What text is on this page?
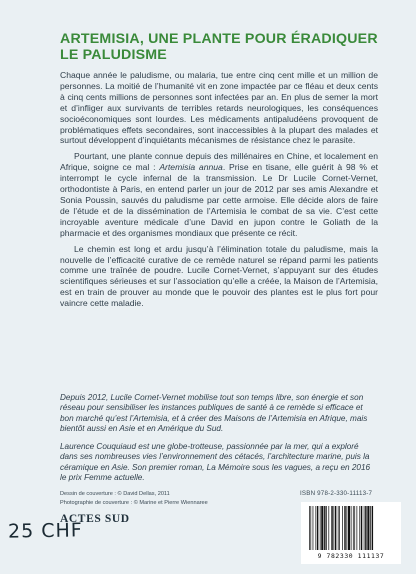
ARTEMISIA, UNE PLANTE POUR ÉRADIQUER
LE PALUDISME

Chaque année le paludisme, ou malaria, tue entre cinq cent mille et un million de personnes. La moitié de l’humanité vit en zone impactée par ce fléau et deux cents à cinq cents millions de personnes sont infectées par an. En plus de semer la mort et d’infliger aux survivants de terribles retards neurologiques, les conséquences socioéconomiques sont lourdes. Les médicaments antipaludéens provoquent de problématiques effets secondaires, sont inaccessibles à la plupart des malades et surtout développent d’inquiétants mécanismes de résistance chez le parasite.

Pourtant, une plante connue depuis des millénaires en Chine, et localement en Afrique, soigne ce mal : Artemisia annua. Prise en tisane, elle guérit à 98 % et interrompt le cycle infernal de la transmission. Le Dr Lucile Cornet-Vernet, orthodontiste à Paris, en entend parler un jour de 2012 par ses amis Alexandre et Sonia Poussin, sauvés du paludisme par cette armoise. Elle décide alors de faire de l’étude et de la dissémination de l’Artemisia le combat de sa vie. C’est cette incroyable aventure médicale d’une David en jupon contre le Goliath de la pharmacie et des organismes mondiaux que présente ce récit.

Le chemin est long et ardu jusqu’à l’élimination totale du paludisme, mais la nouvelle de l’efficacité curative de ce remède naturel se répand parmi les patients comme une traînée de poudre. Lucile Cornet-Vernet, s’appuyant sur des études scientifiques sérieuses et sur l’association qu’elle a créée, la Maison de l’Artemisia, est en train de prouver au monde que le pouvoir des plantes est le plus fort pour vaincre cette maladie.

Depuis 2012, Lucile Cornet-Vernet mobilise tout son temps libre, son énergie et son réseau pour sensibiliser les instances publiques de santé à ce remède si efficace et bon marché qu’est l’Artemisia, et à créer des Maisons de l’Artemisia en Afrique, mais bientôt aussi en Asie et en Amérique du Sud.
Laurence Couquiaud est une globe-trotteuse, passionnée par la mer, qui a exploré dans ses nombreuses vies l’environnement des cétacés, l’architecture marine, puis la céramique en Asie. Son premier roman, La Mémoire sous les vagues, a reçu en 2016 le prix Femme actuelle.
Dessin de couverture : © David Dellas, 2011
Photographie de couverture : © Marine et Pierre Wiennaree
ISBN 978-2-330-11113-7
ACTES SUD
25 CHF
9 782330 111137
